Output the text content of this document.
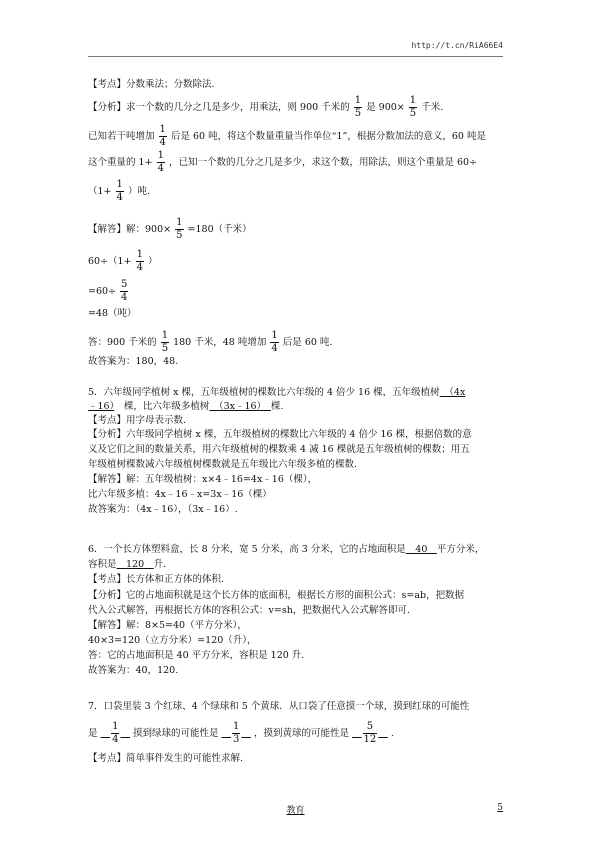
http://t.cn/RiA66E4
【考点】分数乘法；分数除法.
【分析】求一个数的几分之几是多少，用乘法，则 900 千米的 $\frac{1}{5}$ 是 $900\times \frac{1}{5}$ 千米.
已知若干吨增加 $\frac{1}{4}$ 后是 60 吨，将这个数量重量当作单位“1”，根据分数加法的意义，60 吨是
这个重量的 $1+ \frac{1}{4}$ ，已知一个数的几分之几是多少，求这个数，用除法，则这个重量是 60÷
（$1+ \frac{1}{4}$ ）吨.
【解答】解：$900\times \frac{1}{5} =180$（千米）
$60\div(1+ \frac{1}{4}$ ）
$=60\div \frac{5}{4}$
=48（吨）
答：900 千米的 $\frac{1}{5} 180$ 千米，48 吨增加 $\frac{1}{4}$ 后是 60 吨.
故答案为：180，48.
5．六年级同学植树 x 棵，五年级植树的棵数比六年级的 4 倍少 16 棵，五年级植树　（4x
﹣16）　棵，比六年级多植树　（3x﹣16）　棵.
【考点】用字母表示数.
【分析】六年级同学植树 x 棵，五年级植树的棵数比六年级的 4 倍少 16 棵，根据倍数的意
义及它们之间的数量关系，用六年级植树的棵数乘 4 减 16 棵就是五年级植树的棵数；用五
年级植树棵数减六年级植树棵数就是五年级比六年级多植的棵数.
【解答】解：五年级植树：x×4﹣16=4x﹣16（棵），
比六年级多植：4x﹣16﹣x=3x﹣16（棵）
故答案为：（4x﹣16），（3x﹣16）.
6．一个长方体塑料盒，长 8 分米，宽 5 分米，高 3 分米，它的占地面积是　40　平方分米，
容积是　120　升.
【考点】长方体和正方体的体积.
【分析】它的占地面积就是这个长方体的底面积，根据长方形的面积公式：s=ab，把数据
代入公式解答，再根据长方体的容积公式：v=sh，把数据代入公式解答即可.
【解答】解：8×5=40（平方分米），
40×3=120（立方分米）=120（升），
答：它的占地面积是 40 平方分米，容积是 120 升.
故答案为：40，120.
7．口袋里装 3 个红球、4 个绿球和 5 个黄球．从口袋了任意摸一个球，摸到红球的可能性
是 　 $\frac{1}{4}$
　 摸到绿球的可能性是 　 $\frac{1}{3}$
　 ，摸到黄球的可能性是 　 $\frac{5}{12}$
　 .
【考点】简单事件发生的可能性求解.
教育	5
